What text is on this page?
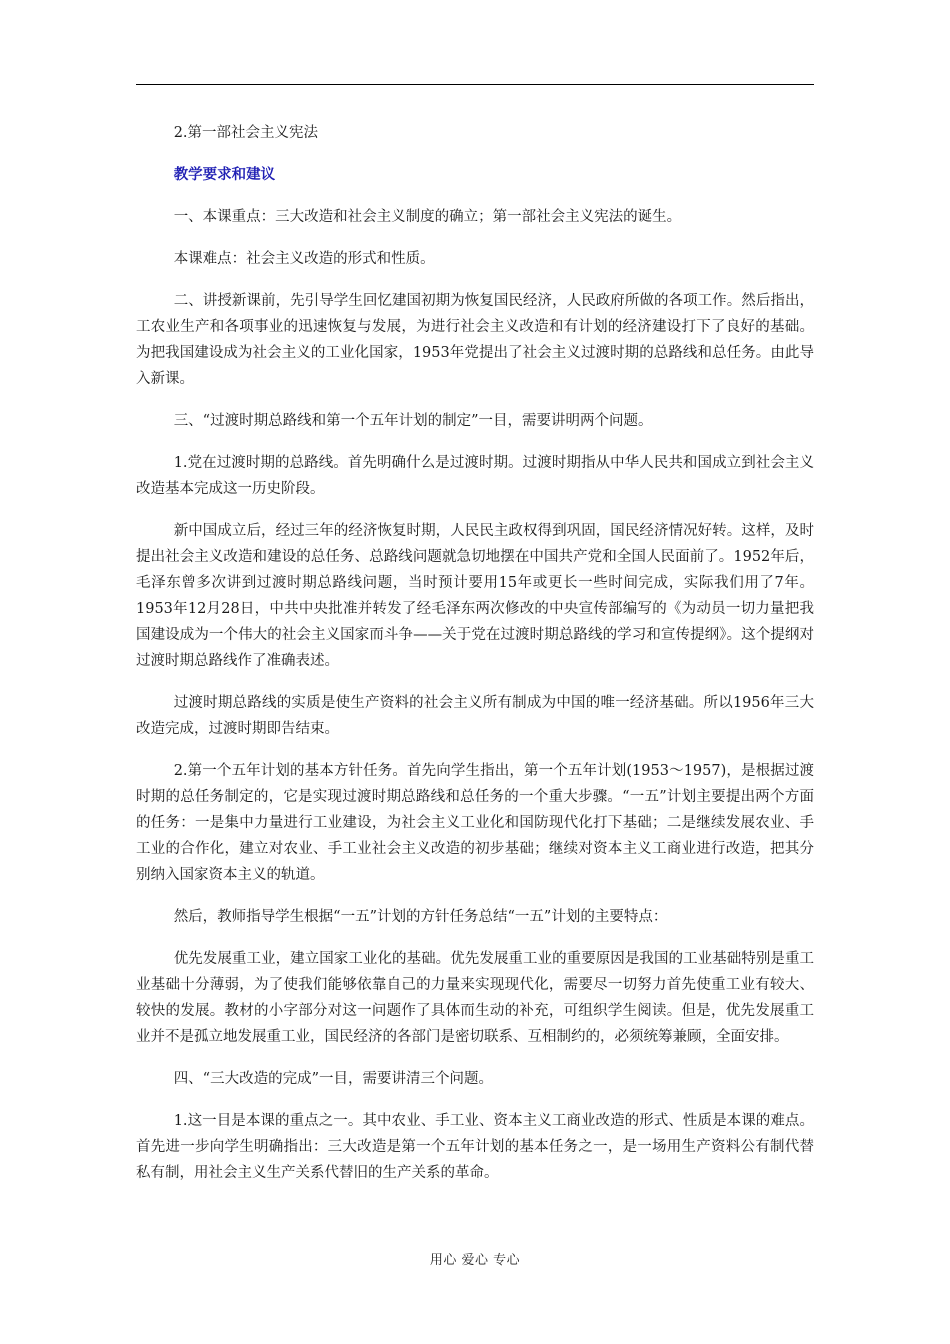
2.第一部社会主义宪法

教学要求和建议

一、本课重点：三大改造和社会主义制度的确立；第一部社会主义宪法的诞生。

本课难点：社会主义改造的形式和性质。

二、讲授新课前，先引导学生回忆建国初期为恢复国民经济，人民政府所做的各项工作。然后指出，工农业生产和各项事业的迅速恢复与发展，为进行社会主义改造和有计划的经济建设打下了良好的基础。为把我国建设成为社会主义的工业化国家，1953年党提出了社会主义过渡时期的总路线和总任务。由此导入新课。

三、“过渡时期总路线和第一个五年计划的制定”一目，需要讲明两个问题。

1.党在过渡时期的总路线。首先明确什么是过渡时期。过渡时期指从中华人民共和国成立到社会主义改造基本完成这一历史阶段。

新中国成立后，经过三年的经济恢复时期，人民民主政权得到巩固，国民经济情况好转。这样，及时提出社会主义改造和建设的总任务、总路线问题就急切地摆在中国共产党和全国人民面前了。1952年后，毛泽东曾多次讲到过渡时期总路线问题，当时预计要用15年或更长一些时间完成，实际我们用了7年。1953年12月28日，中共中央批准并转发了经毛泽东两次修改的中央宣传部编写的《为动员一切力量把我国建设成为一个伟大的社会主义国家而斗争——关于党在过渡时期总路线的学习和宣传提纲》。这个提纲对过渡时期总路线作了准确表述。

过渡时期总路线的实质是使生产资料的社会主义所有制成为中国的唯一经济基础。所以1956年三大改造完成，过渡时期即告结束。

2.第一个五年计划的基本方针任务。首先向学生指出，第一个五年计划(1953～1957)，是根据过渡时期的总任务制定的，它是实现过渡时期总路线和总任务的一个重大步骤。“一五”计划主要提出两个方面的任务：一是集中力量进行工业建设，为社会主义工业化和国防现代化打下基础；二是继续发展农业、手工业的合作化，建立对农业、手工业社会主义改造的初步基础；继续对资本主义工商业进行改造，把其分别纳入国家资本主义的轨道。

然后，教师指导学生根据“一五”计划的方针任务总结“一五”计划的主要特点：

优先发展重工业，建立国家工业化的基础。优先发展重工业的重要原因是我国的工业基础特别是重工业基础十分薄弱，为了使我们能够依靠自己的力量来实现现代化，需要尽一切努力首先使重工业有较大、较快的发展。教材的小字部分对这一问题作了具体而生动的补充，可组织学生阅读。但是，优先发展重工业并不是孤立地发展重工业，国民经济的各部门是密切联系、互相制约的，必须统筹兼顾，全面安排。

四、“三大改造的完成”一目，需要讲清三个问题。

1.这一目是本课的重点之一。其中农业、手工业、资本主义工商业改造的形式、性质是本课的难点。首先进一步向学生明确指出：三大改造是第一个五年计划的基本任务之一，是一场用生产资料公有制代替私有制，用社会主义生产关系代替旧的生产关系的革命。

用心 爱心 专心
